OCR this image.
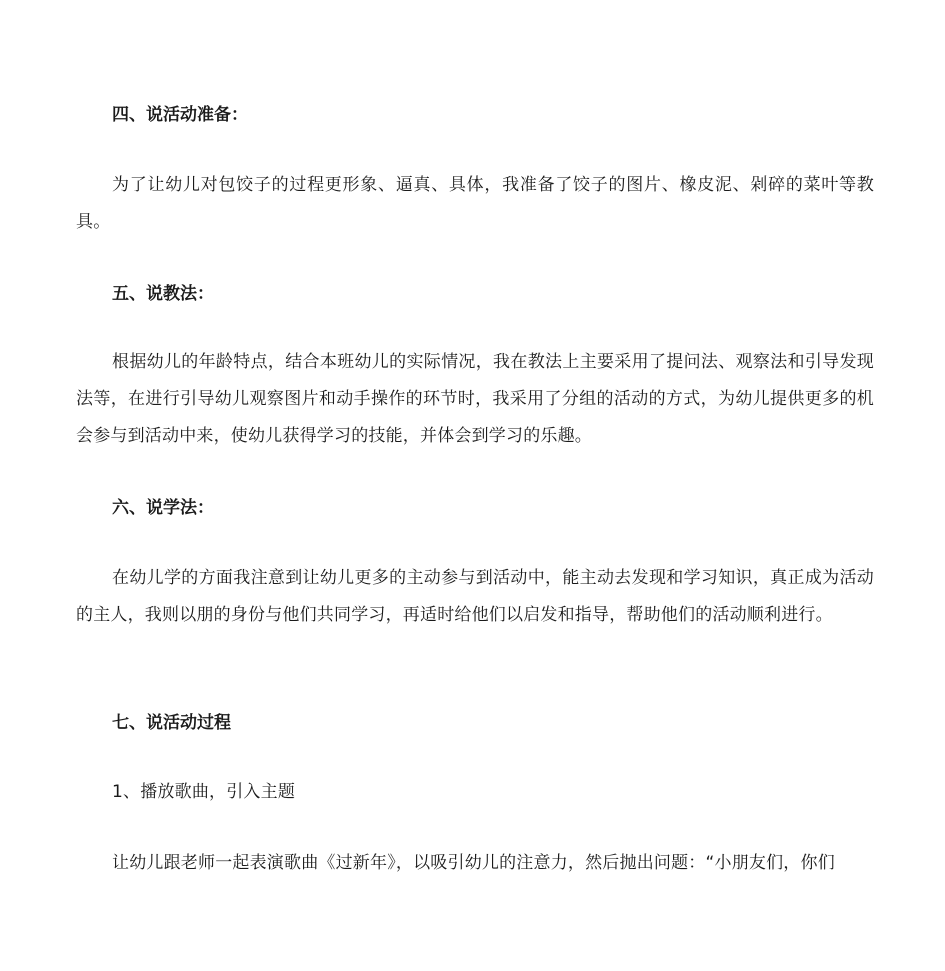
四、说活动准备：

为了让幼儿对包饺子的过程更形象、逼真、具体，我准备了饺子的图片、橡皮泥、剁碎的菜叶等教具。

五、说教法：

根据幼儿的年龄特点，结合本班幼儿的实际情况，我在教法上主要采用了提问法、观察法和引导发现法等，在进行引导幼儿观察图片和动手操作的环节时，我采用了分组的活动的方式，为幼儿提供更多的机会参与到活动中来，使幼儿获得学习的技能，并体会到学习的乐趣。

六、说学法：

在幼儿学的方面我注意到让幼儿更多的主动参与到活动中，能主动去发现和学习知识，真正成为活动的主人，我则以朋的身份与他们共同学习，再适时给他们以启发和指导，帮助他们的活动顺利进行。

七、说活动过程

1、播放歌曲，引入主题

让幼儿跟老师一起表演歌曲《过新年》，以吸引幼儿的注意力，然后抛出问题：“小朋友们，你们
